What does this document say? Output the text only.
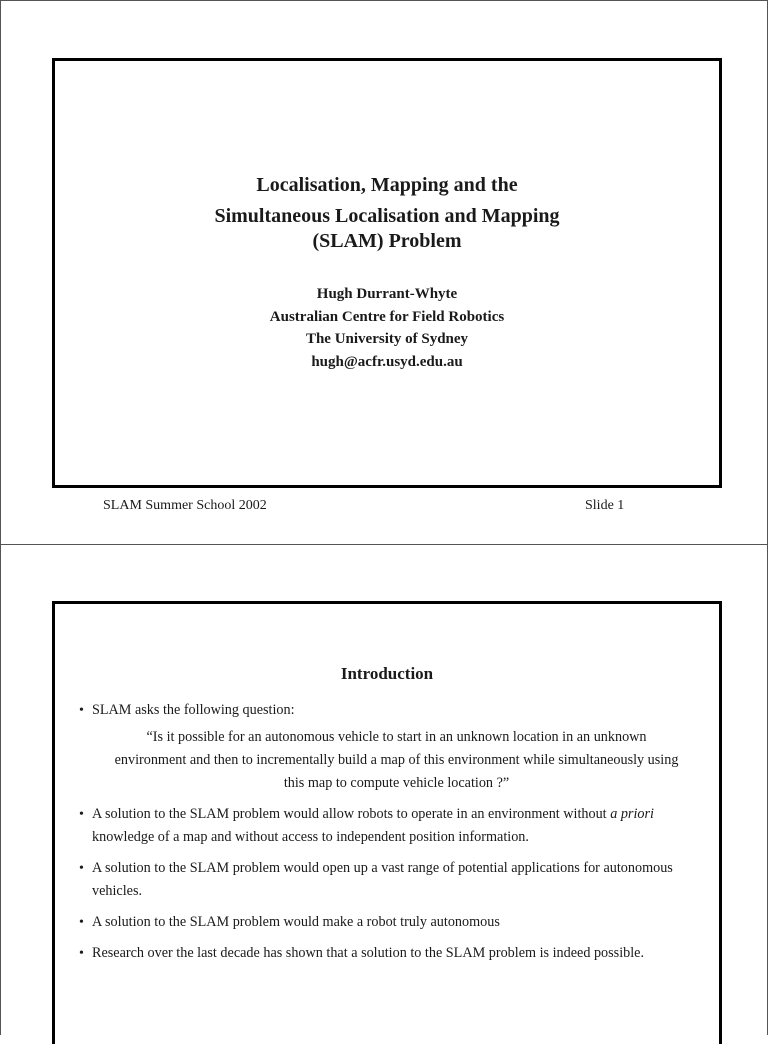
Localisation, Mapping and the
Simultaneous Localisation and Mapping
(SLAM) Problem
Hugh Durrant-Whyte
Australian Centre for Field Robotics
The University of Sydney
hugh@acfr.usyd.edu.au
SLAM Summer School 2002	Slide 1
Introduction
• SLAM asks the following question:
“Is it possible for an autonomous vehicle to start in an unknown location in an unknown
environment and then to incrementally build a map of this environment while simultaneously using
this map to compute vehicle location ?”
• A solution to the SLAM problem would allow robots to operate in an environment without a priori knowledge of a map and without access to independent position information.
• A solution to the SLAM problem would open up a vast range of potential applications for autonomous vehicles.
• A solution to the SLAM problem would make a robot truly autonomous
• Research over the last decade has shown that a solution to the SLAM problem is indeed possible.
